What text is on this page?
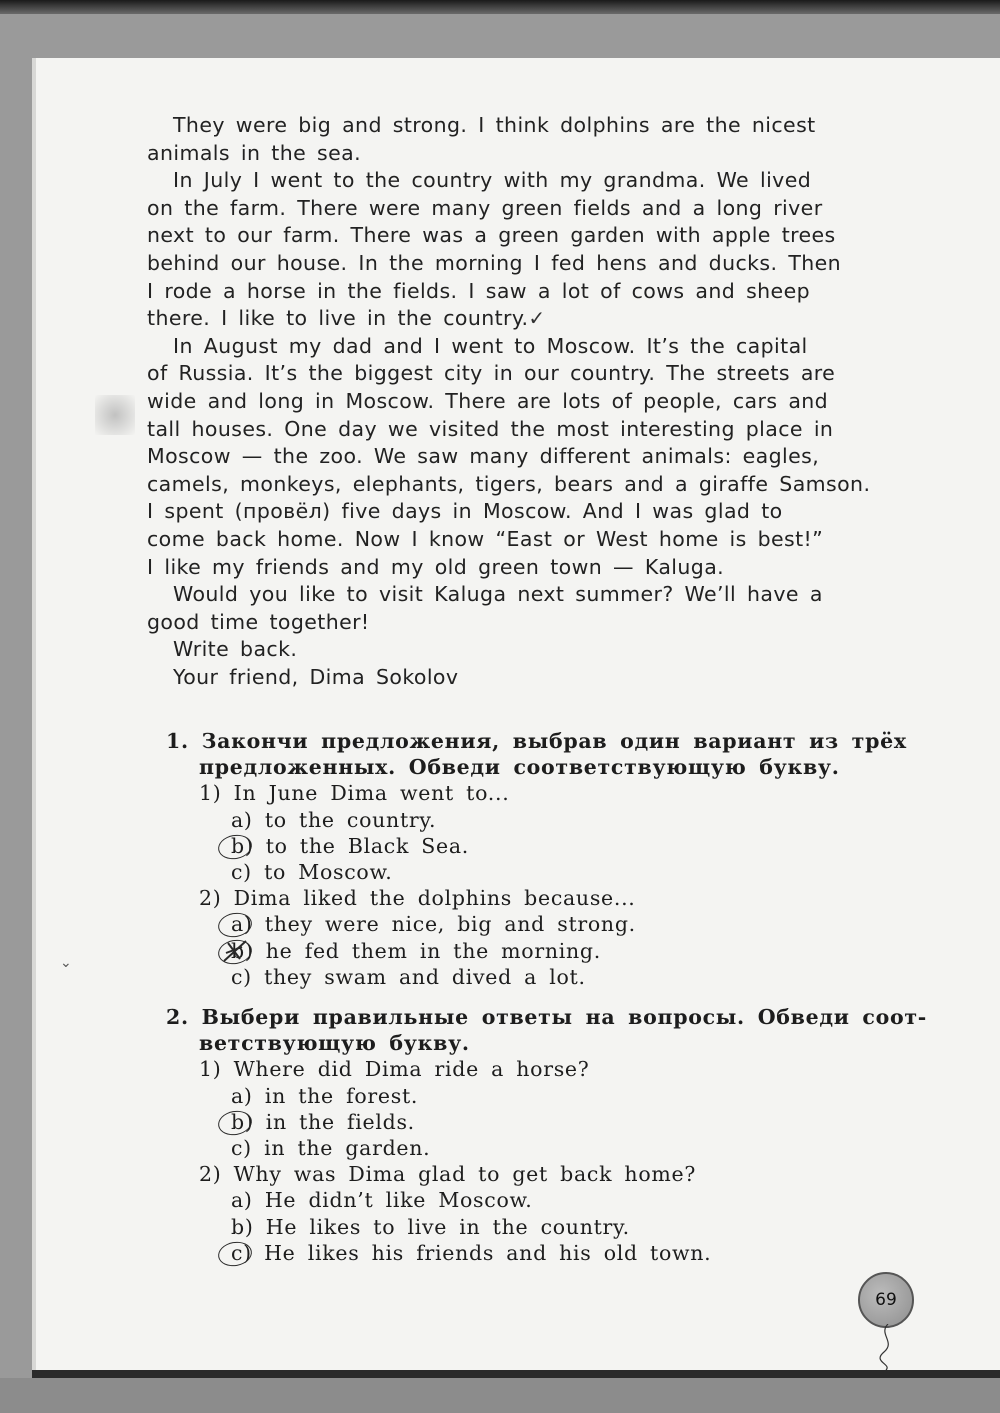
They were big and strong. I think dolphins are the nicest
animals in the sea.
In July I went to the country with my grandma. We lived
on the farm. There were many green fields and a long river
next to our farm. There was a green garden with apple trees
behind our house. In the morning I fed hens and ducks. Then
I rode a horse in the fields. I saw a lot of cows and sheep
there. I like to live in the country.✓
In August my dad and I went to Moscow. It’s the capital
of Russia. It’s the biggest city in our country. The streets are
wide and long in Moscow. There are lots of people, cars and
tall houses. One day we visited the most interesting place in
Moscow — the zoo. We saw many different animals: eagles,
camels, monkeys, elephants, tigers, bears and a giraffe Samson.
I spent (провёл) five days in Moscow. And I was glad to
come back home. Now I know “East or West home is best!”
I like my friends and my old green town — Kaluga.
Would you like to visit Kaluga next summer? We’ll have a
good time together!
Write back.
Your friend, Dima Sokolov
1. Закончи предложения, выбрав один вариант из трёх
предложенных. Обведи соответствующую букву.
1) In June Dima went to...
a) to the country.
b) to the Black Sea.
c) to Moscow.
2) Dima liked the dolphins because...
a) they were nice, big and strong.
b) he fed them in the morning.
c) they swam and dived a lot.
2. Выбери правильные ответы на вопросы. Обведи соот-
ветствующую букву.
1) Where did Dima ride a horse?
a) in the forest.
b) in the fields.
c) in the garden.
2) Why was Dima glad to get back home?
a) He didn’t like Moscow.
b) He likes to live in the country.
c) He likes his friends and his old town.
⌄
69
